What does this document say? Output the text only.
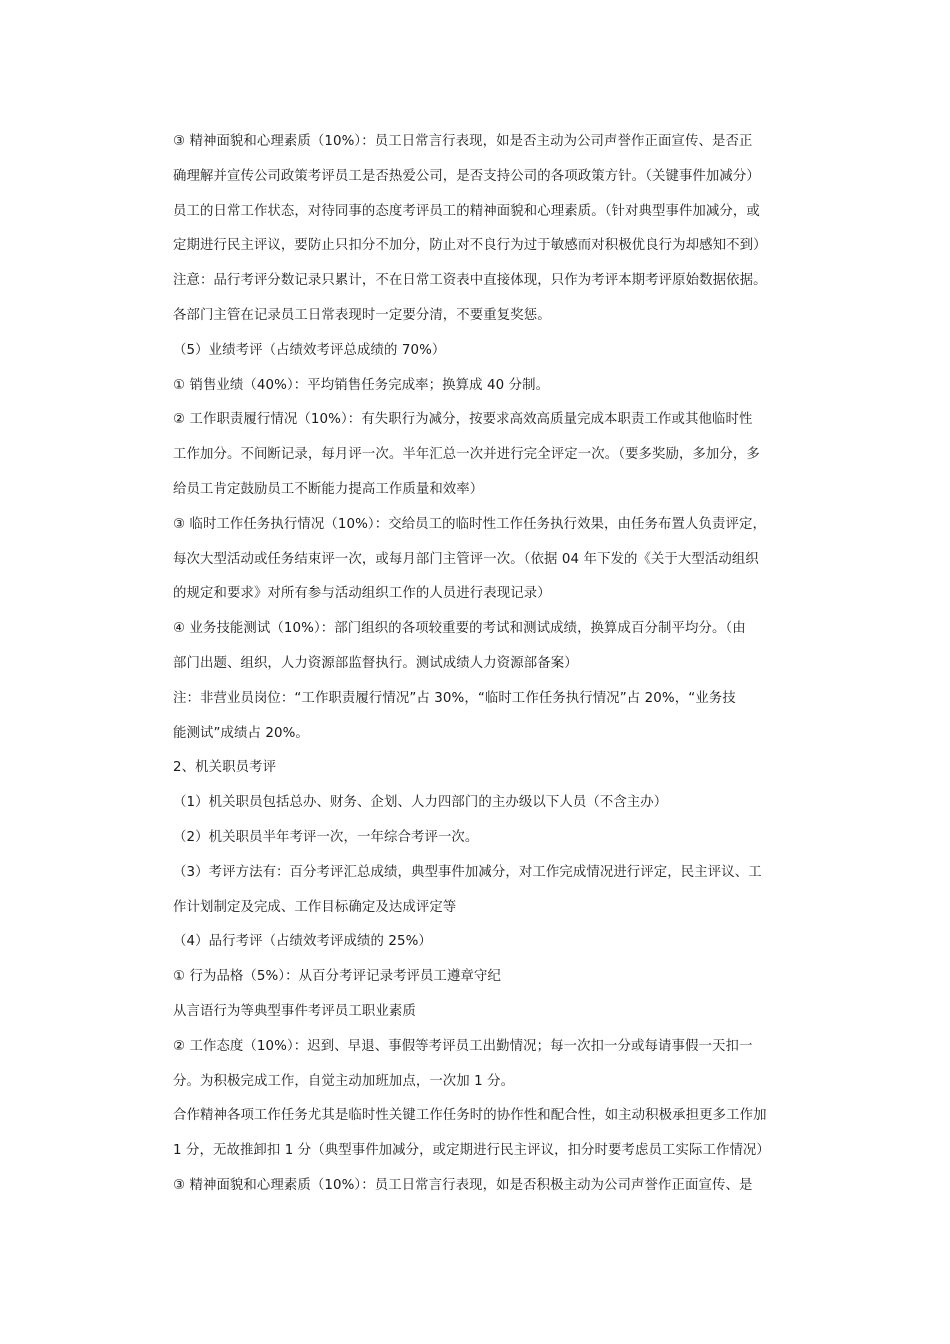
③ 精神面貌和心理素质（10%）：员工日常言行表现，如是否主动为公司声誉作正面宣传、是否正

确理解并宣传公司政策考评员工是否热爱公司，是否支持公司的各项政策方针。（关键事件加减分）

员工的日常工作状态，对待同事的态度考评员工的精神面貌和心理素质。（针对典型事件加减分，或

定期进行民主评议，要防止只扣分不加分，防止对不良行为过于敏感而对积极优良行为却感知不到）

注意：品行考评分数记录只累计，不在日常工资表中直接体现，只作为考评本期考评原始数据依据。

各部门主管在记录员工日常表现时一定要分清，不要重复奖惩。

（5）业绩考评（占绩效考评总成绩的 70%）

① 销售业绩（40%）：平均销售任务完成率；换算成 40 分制。

② 工作职责履行情况（10%）：有失职行为减分，按要求高效高质量完成本职责工作或其他临时性

工作加分。不间断记录，每月评一次。半年汇总一次并进行完全评定一次。（要多奖励，多加分，多

给员工肯定鼓励员工不断能力提高工作质量和效率）

③ 临时工作任务执行情况（10%）：交给员工的临时性工作任务执行效果，由任务布置人负责评定，

每次大型活动或任务结束评一次，或每月部门主管评一次。（依据 04 年下发的《关于大型活动组织

的规定和要求》对所有参与活动组织工作的人员进行表现记录）

④ 业务技能测试（10%）：部门组织的各项较重要的考试和测试成绩，换算成百分制平均分。（由

部门出题、组织，人力资源部监督执行。测试成绩人力资源部备案）

注：非营业员岗位：“工作职责履行情况”占 30%，“临时工作任务执行情况”占 20%，“业务技

能测试”成绩占 20%。

2、机关职员考评

（1）机关职员包括总办、财务、企划、人力四部门的主办级以下人员（不含主办）

（2）机关职员半年考评一次，一年综合考评一次。

（3）考评方法有：百分考评汇总成绩，典型事件加减分，对工作完成情况进行评定，民主评议、工

作计划制定及完成、工作目标确定及达成评定等

（4）品行考评（占绩效考评成绩的 25%）

① 行为品格（5%）：从百分考评记录考评员工遵章守纪

从言语行为等典型事件考评员工职业素质

② 工作态度（10%）：迟到、早退、事假等考评员工出勤情况；每一次扣一分或每请事假一天扣一

分。为积极完成工作，自觉主动加班加点，一次加 1 分。

合作精神各项工作任务尤其是临时性关键工作任务时的协作性和配合性，如主动积极承担更多工作加

1 分，无故推卸扣 1 分（典型事件加减分，或定期进行民主评议，扣分时要考虑员工实际工作情况）

③ 精神面貌和心理素质（10%）：员工日常言行表现，如是否积极主动为公司声誉作正面宣传、是
